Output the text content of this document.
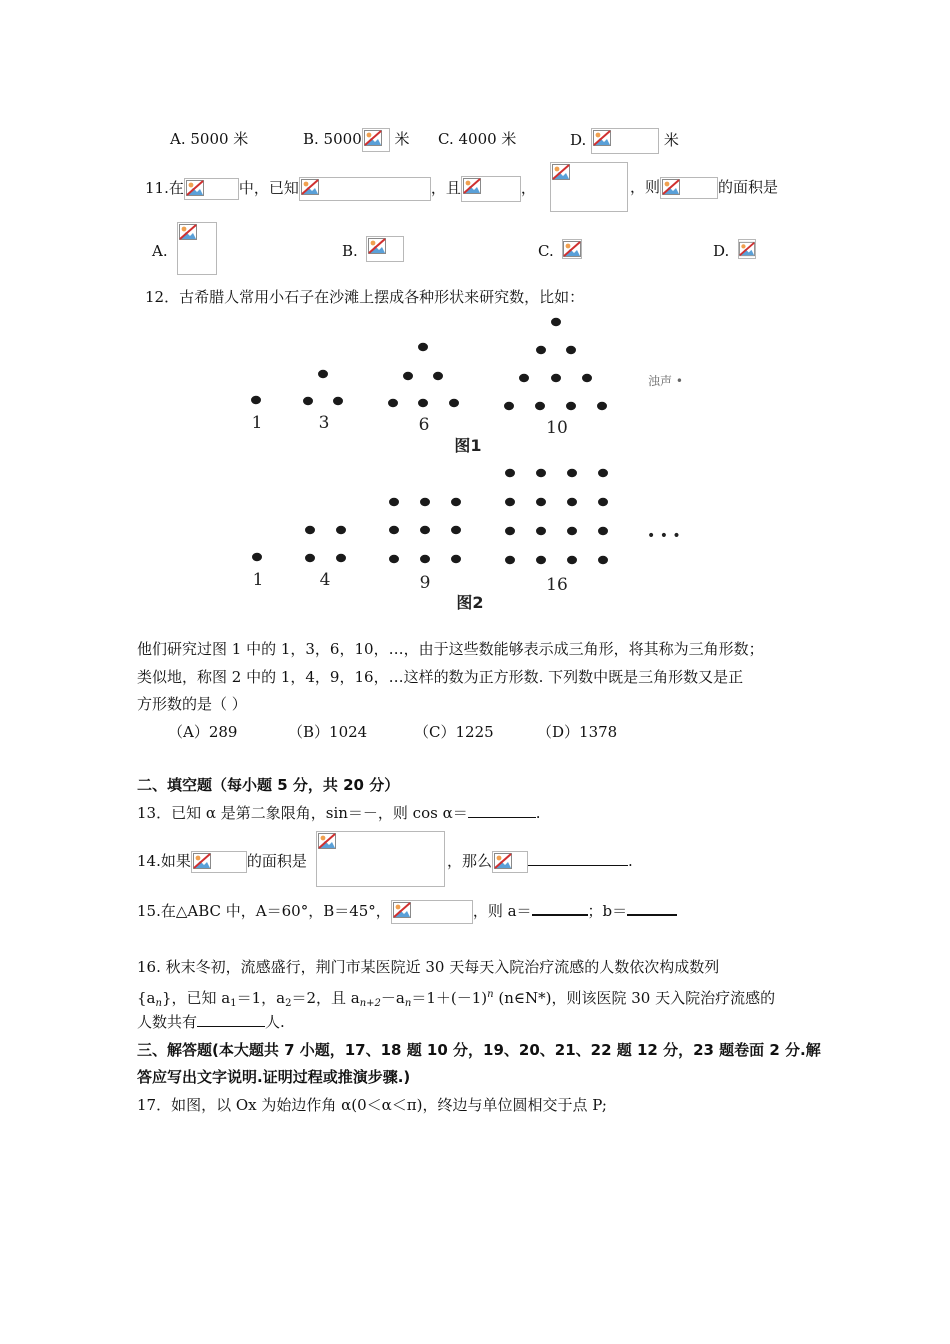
A. 5000 米	B. 5000
米 C. 4000 米	D.	米
11.在	中，已知	，且	，	，则	的面积是
A.	B.	C.	D.
12．古希腊人常用小石子在沙滩上摆成各种形状来研究数，比如：
1	3	6	10
1	4	9	16
图1
图2
浊声 •
• • •
他们研究过图 1 中的 1，3，6，10，…，由于这些数能够表示成三角形，将其称为三角形数；
类似地，称图 2 中的 1，4，9，16，…这样的数为正方形数. 下列数中既是三角形数又是正
方形数的是（ ）
（A）289	（B）1024	（C）1225	（D）1378
二、填空题（每小题 5 分，共 20 分）
13．已知 α 是第二象限角，sin＝－，则 cos α＝	.
14.如果	的面积是	，那么	.
15.在△ABC 中，A＝60°，B＝45°，	，则 a＝	；b＝
16. 秋末冬初，流感盛行，荆门市某医院近 30 天每天入院治疗流感的人数依次构成数列
$\{a_n\}$，已知 $a_1=1$，$a_2=2$，且 $a_{n+2}-a_n=1+(-1)^n$ (n∈N*)，则该医院 30 天入院治疗流感的
人数共有	人.
三、解答题(本大题共 7 小题，17、18 题 10 分，19、20、21、22 题 12 分，23 题卷面 2 分.解
答应写出文字说明.证明过程或推演步骤.)
17．如图，以 Ox 为始边作角 α(0＜α＜π)，终边与单位圆相交于点 P;
